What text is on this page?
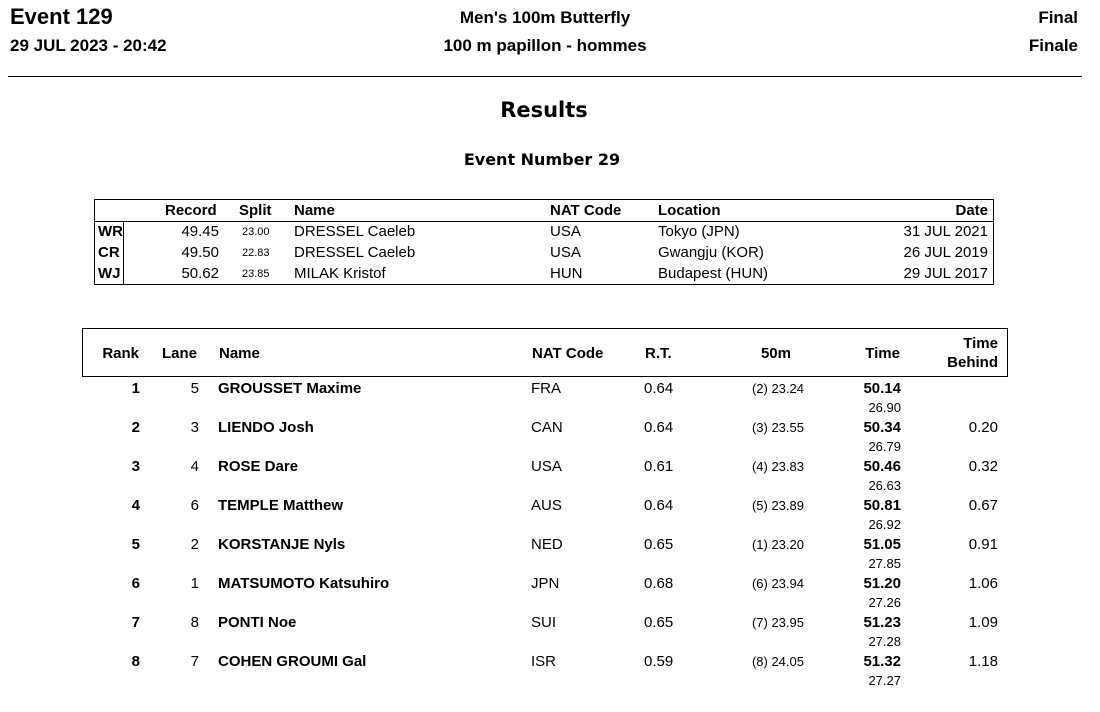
Event 129
29 JUL 2023 - 20:42
Men's 100m Butterfly
100 m papillon - hommes
Final
Finale
Results
Event Number 29
Record Split Name	NAT Code Location	Date
WR	49.45 23.00 DRESSEL Caeleb	USA	Tokyo (JPN)	31 JUL 2021
CR	49.50 22.83 DRESSEL Caeleb	USA	Gwangju (KOR)	26 JUL 2019
WJ	50.62 23.85 MILAK Kristof	HUN	Budapest (HUN)	29 JUL 2017
Rank Lane Name	NAT Code	R.T.	50m	Time
Time
Behind
1	5 GROUSSET Maxime	FRA	0.64	(2) 23.24	50.14
26.90
2	3 LIENDO Josh	CAN	0.64	(3) 23.55	50.34
26.79
0.20
3	4 ROSE Dare	USA	0.61	(4) 23.83	50.46
26.63
0.32
4	6 TEMPLE Matthew	AUS	0.64	(5) 23.89	50.81
26.92
0.67
5	2 KORSTANJE Nyls	NED	0.65	(1) 23.20	51.05
27.85
0.91
6	1 MATSUMOTO Katsuhiro	JPN	0.68	(6) 23.94	51.20
27.26
1.06
7	8 PONTI Noe	SUI	0.65	(7) 23.95	51.23
27.28
1.09
8	7 COHEN GROUMI Gal	ISR	0.59	(8) 24.05	51.32
27.27
1.18
